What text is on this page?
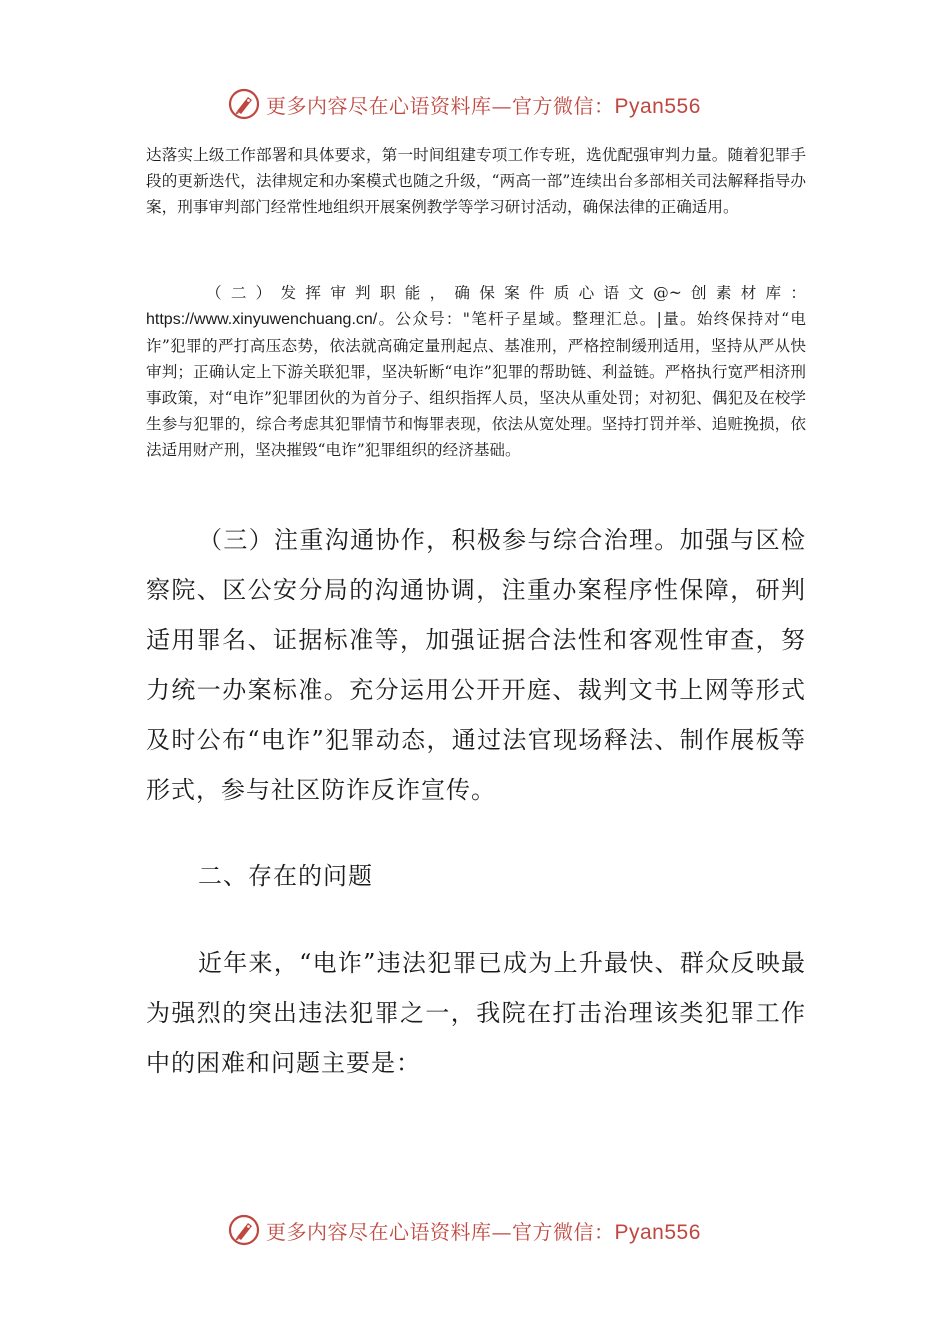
更多内容尽在心语资料库—官方微信：Pyan556

达落实上级工作部署和具体要求，第一时间组建专项工作专班，选优配强审判力量。随着犯罪手段的更新迭代，法律规定和办案模式也随之升级，“两高一部”连续出台多部相关司法解释指导办案，刑事审判部门经常性地组织开展案例教学等学习研讨活动，确保法律的正确适用。

（二）发挥审判职能，确保案件质心语文@~创素材库：https://www.xinyuwenchuang.cn/。公众号："笔杆子星域。整理汇总。|量。始终保持对“电诈”犯罪的严打高压态势，依法就高确定量刑起点、基准刑，严格控制缓刑适用，坚持从严从快审判；正确认定上下游关联犯罪，坚决斩断“电诈”犯罪的帮助链、利益链。严格执行宽严相济刑事政策，对“电诈”犯罪团伙的为首分子、组织指挥人员，坚决从重处罚；对初犯、偶犯及在校学生参与犯罪的，综合考虑其犯罪情节和悔罪表现，依法从宽处理。坚持打罚并举、追赃挽损，依法适用财产刑，坚决摧毁“电诈”犯罪组织的经济基础。

（三）注重沟通协作，积极参与综合治理。加强与区检察院、区公安分局的沟通协调，注重办案程序性保障，研判适用罪名、证据标准等，加强证据合法性和客观性审查，努力统一办案标准。充分运用公开开庭、裁判文书上网等形式及时公布“电诈”犯罪动态，通过法官现场释法、制作展板等形式，参与社区防诈反诈宣传。

二、存在的问题

近年来，“电诈”违法犯罪已成为上升最快、群众反映最为强烈的突出违法犯罪之一，我院在打击治理该类犯罪工作中的困难和问题主要是：

更多内容尽在心语资料库—官方微信：Pyan556
